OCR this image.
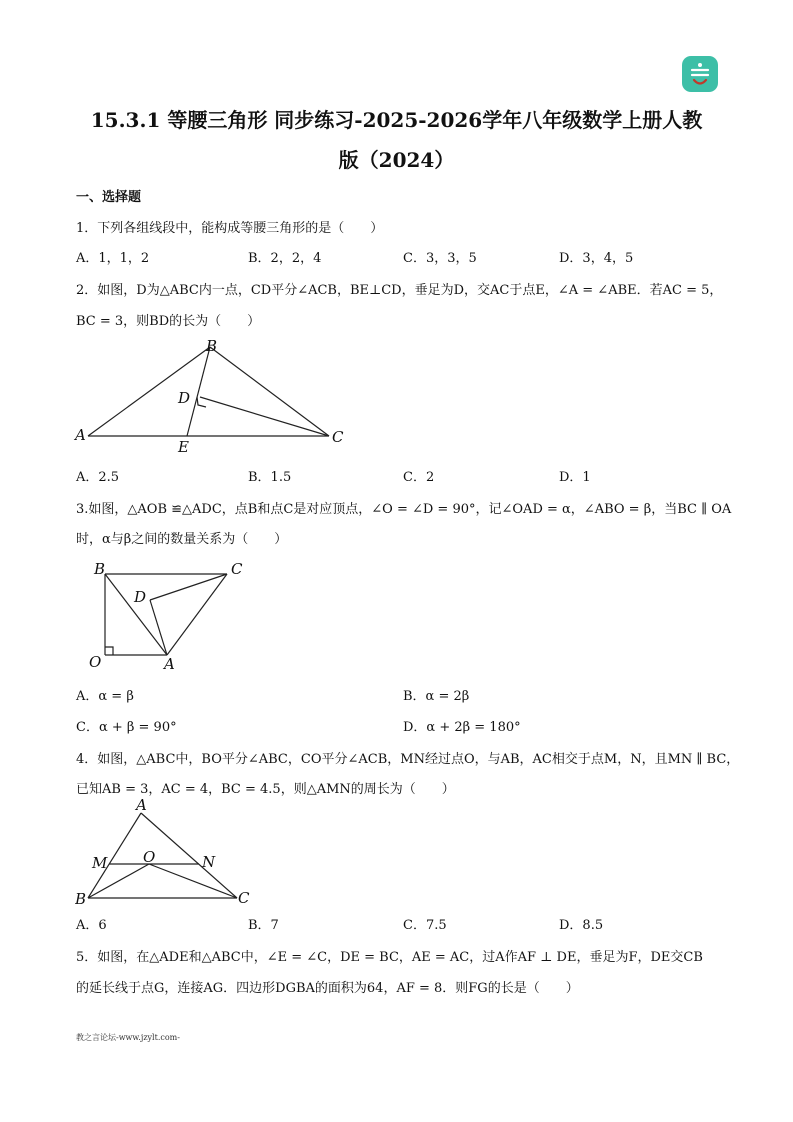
15.3.1 等腰三角形 同步练习-2025-2026学年八年级数学上册人教
版（2024）
一、选择题
1．下列各组线段中，能构成等腰三角形的是（　　）
A．1，1，2	B．2，2，4	C．3，3，5	D．3，4，5
2．如图，D为△ABC内一点，CD平分∠ACB，BE⊥CD，垂足为D，交AC于点E，∠A = ∠ABE．若AC = 5，
BC = 3，则BD的长为（　　）
B
D
A
E
C
A．2.5	B．1.5	C．2	D．1
3.如图，△AOB ≌△ADC，点B和点C是对应顶点，∠O = ∠D = 90°，记∠OAD = α，∠ABO = β，当BC ∥ OA
时，α与β之间的数量关系为（　　）
B	C
D
O	A
A．α = β	B．α = 2β
C．α + β = 90°	D．α + 2β = 180°
4．如图，△ABC中，BO平分∠ABC，CO平分∠ACB，MN经过点O，与AB，AC相交于点M，N，且MN ∥ BC，
已知AB = 3，AC = 4，BC = 4.5，则△AMN的周长为（　　）
A
M O	N
B	C
A．6	B．7	C．7.5	D．8.5
5．如图，在△ADE和△ABC中，∠E = ∠C，DE = BC，AE = AC，过A作AF ⊥ DE，垂足为F，DE交CB
的延长线于点G，连接AG．四边形DGBA的面积为64，AF = 8．则FG的长是（　　）
教之言论坛-www.jzylt.com-
